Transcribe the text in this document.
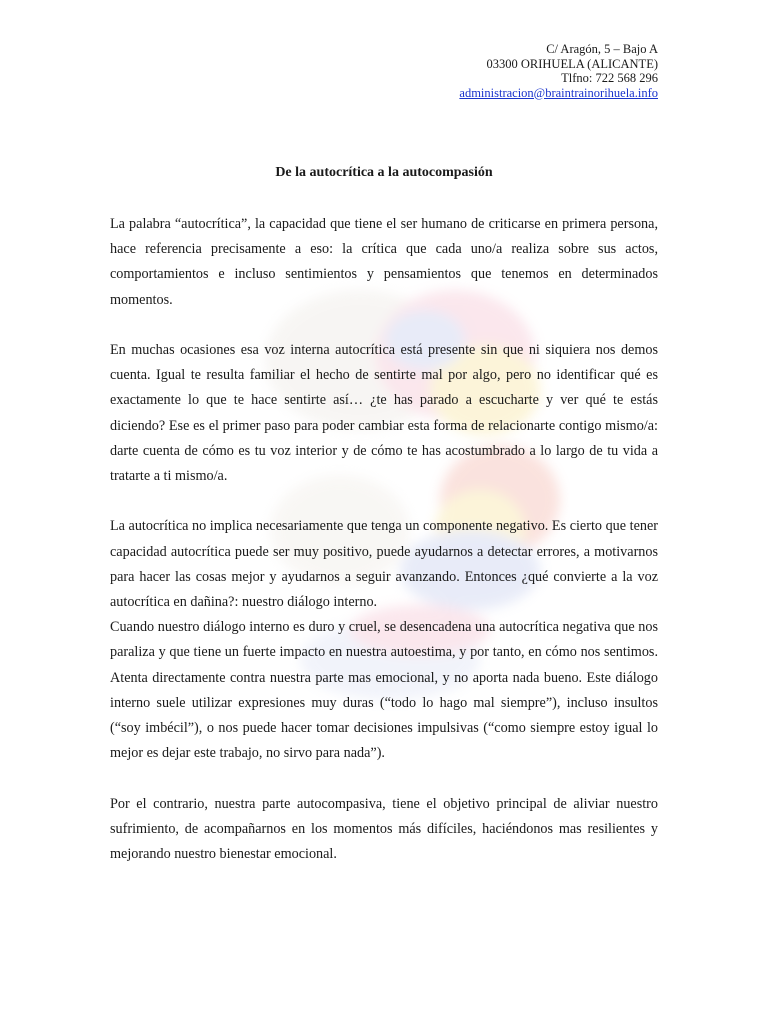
C/ Aragón, 5 – Bajo A
03300 ORIHUELA (ALICANTE)
Tlfno: 722 568 296
administracion@braintrainorihuela.info
De la autocrítica a la autocompasión

La palabra “autocrítica”, la capacidad que tiene el ser humano de criticarse en primera persona, hace referencia precisamente a eso: la crítica que cada uno/a realiza sobre sus actos, comportamientos e incluso sentimientos y pensamientos que tenemos en determinados momentos.

En muchas ocasiones esa voz interna autocrítica está presente sin que ni siquiera nos demos cuenta. Igual te resulta familiar el hecho de sentirte mal por algo, pero no identificar qué es exactamente lo que te hace sentirte así… ¿te has parado a escucharte y ver qué te estás diciendo? Ese es el primer paso para poder cambiar esta forma de relacionarte contigo mismo/a: darte cuenta de cómo es tu voz interior y de cómo te has acostumbrado a lo largo de tu vida a tratarte a ti mismo/a.

La autocrítica no implica necesariamente que tenga un componente negativo. Es cierto que tener capacidad autocrítica puede ser muy positivo, puede ayudarnos a detectar errores, a motivarnos para hacer las cosas mejor y ayudarnos a seguir avanzando. Entonces ¿qué convierte a la voz autocrítica en dañina?: nuestro diálogo interno.

Cuando nuestro diálogo interno es duro y cruel, se desencadena una autocrítica negativa que nos paraliza y que tiene un fuerte impacto en nuestra autoestima, y por tanto, en cómo nos sentimos. Atenta directamente contra nuestra parte mas emocional, y no aporta nada bueno. Este diálogo interno suele utilizar expresiones muy duras (“todo lo hago mal siempre”), incluso insultos (“soy imbécil”), o nos puede hacer tomar decisiones impulsivas (“como siempre estoy igual lo mejor es dejar este trabajo, no sirvo para nada”).

Por el contrario, nuestra parte autocompasiva, tiene el objetivo principal de aliviar nuestro sufrimiento, de acompañarnos en los momentos más difíciles, haciéndonos mas resilientes y mejorando nuestro bienestar emocional.
